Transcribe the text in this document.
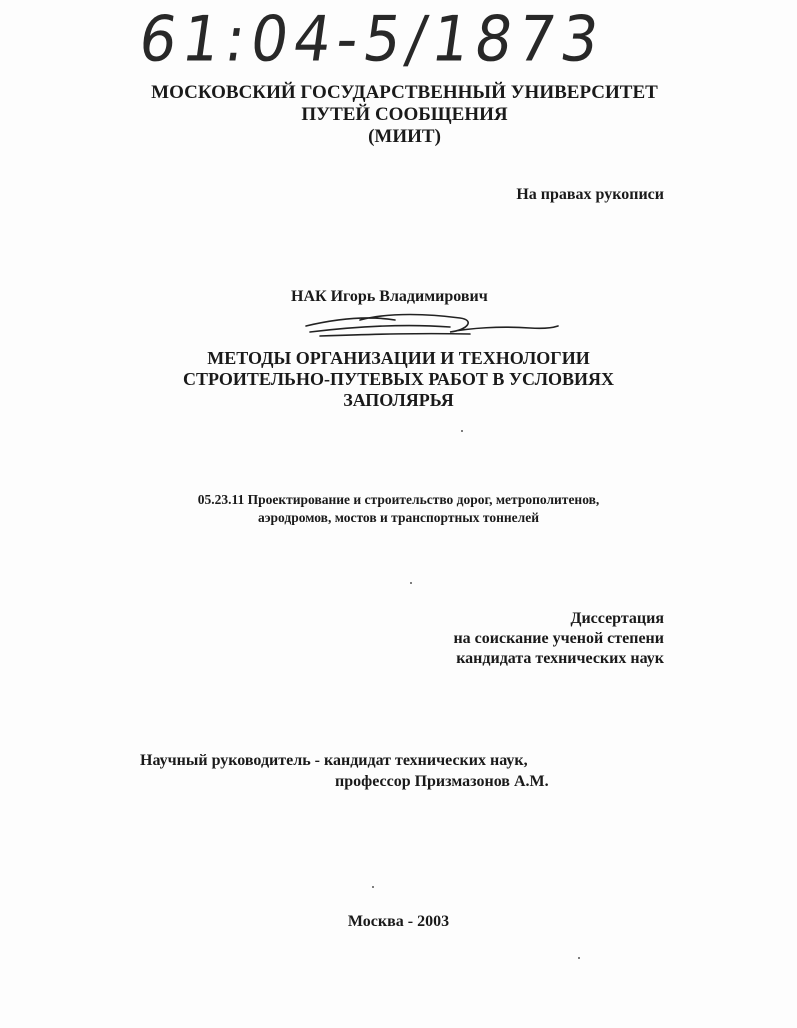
61:04-5/1873
МОСКОВСКИЙ ГОСУДАРСТВЕННЫЙ УНИВЕРСИТЕТ
ПУТЕЙ СООБЩЕНИЯ
(МИИТ)
На правах рукописи
НАК Игорь Владимирович
МЕТОДЫ ОРГАНИЗАЦИИ И ТЕХНОЛОГИИ
СТРОИТЕЛЬНО-ПУТЕВЫХ РАБОТ В УСЛОВИЯХ
ЗАПОЛЯРЬЯ
05.23.11 Проектирование и строительство дорог, метрополитенов,
аэродромов, мостов и транспортных тоннелей
Диссертация
на соискание ученой степени
кандидата технических наук
Научный руководитель - кандидат технических наук,
профессор Призмазонов А.М.
Москва - 2003
